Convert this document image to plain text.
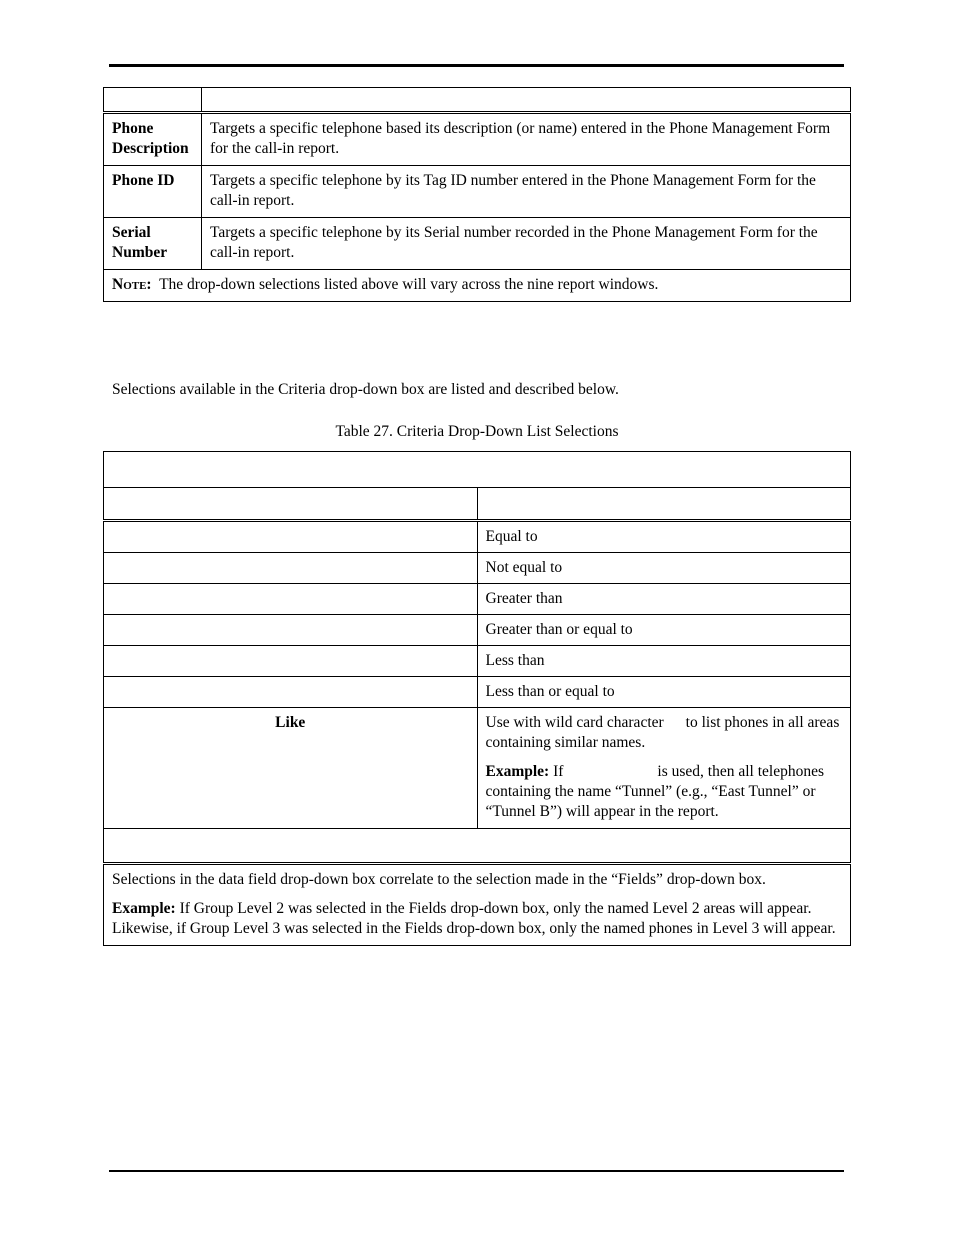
Phone Description	Targets a specific telephone based its description (or name) entered in the Phone Management Form for the call-in report.
Phone ID	Targets a specific telephone by its Tag ID number entered in the Phone Management Form for the call-in report.
Serial Number	Targets a specific telephone by its Serial number recorded in the Phone Management Form for the call-in report.
Note: The drop-down selections listed above will vary across the nine report windows.	

Selections available in the Criteria drop-down box are listed and described below.

Table 27. Criteria Drop-Down List Selections

	Equal to
	Not equal to
	Greater than
	Greater than or equal to
	Less than
	Less than or equal to
Like	Use with wild card character to list phones in all areas containing similar names.

Example: If is used, then all telephones containing the name “Tunnel” (e.g., “East Tunnel” or “Tunnel B”) will appear in the report.

Selections in the data field drop-down box correlate to the selection made in the “Fields” drop-down box.

Example: If Group Level 2 was selected in the Fields drop-down box, only the named Level 2 areas will appear. Likewise, if Group Level 3 was selected in the Fields drop-down box, only the named phones in Level 3 will appear.	
